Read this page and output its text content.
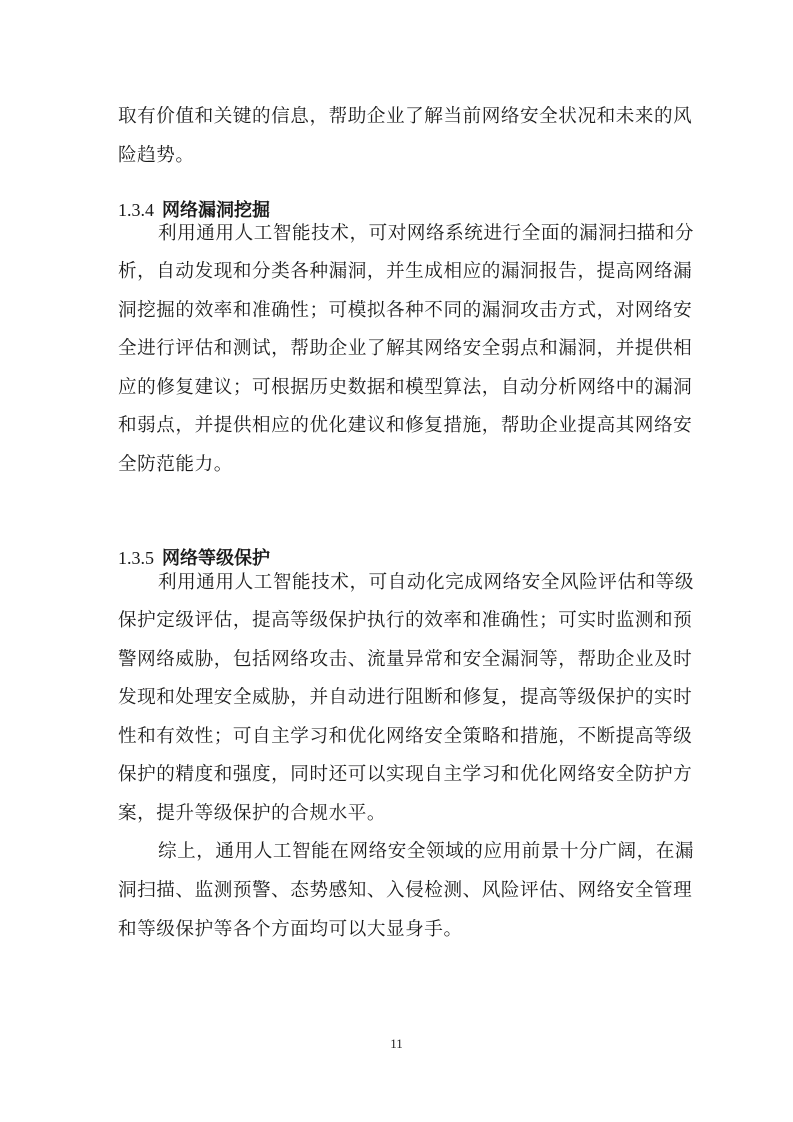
取有价值和关键的信息，帮助企业了解当前网络安全状况和未来的风
险趋势。
1.3.4 网络漏洞挖掘
利用通用人工智能技术，可对网络系统进行全面的漏洞扫描和分
析，自动发现和分类各种漏洞，并生成相应的漏洞报告，提高网络漏
洞挖掘的效率和准确性；可模拟各种不同的漏洞攻击方式，对网络安
全进行评估和测试，帮助企业了解其网络安全弱点和漏洞，并提供相
应的修复建议；可根据历史数据和模型算法，自动分析网络中的漏洞
和弱点，并提供相应的优化建议和修复措施，帮助企业提高其网络安
全防范能力。
1.3.5 网络等级保护
利用通用人工智能技术，可自动化完成网络安全风险评估和等级
保护定级评估，提高等级保护执行的效率和准确性；可实时监测和预
警网络威胁，包括网络攻击、流量异常和安全漏洞等，帮助企业及时
发现和处理安全威胁，并自动进行阻断和修复，提高等级保护的实时
性和有效性；可自主学习和优化网络安全策略和措施，不断提高等级
保护的精度和强度，同时还可以实现自主学习和优化网络安全防护方
案，提升等级保护的合规水平。
综上，通用人工智能在网络安全领域的应用前景十分广阔，在漏
洞扫描、监测预警、态势感知、入侵检测、风险评估、网络安全管理
和等级保护等各个方面均可以大显身手。
11
